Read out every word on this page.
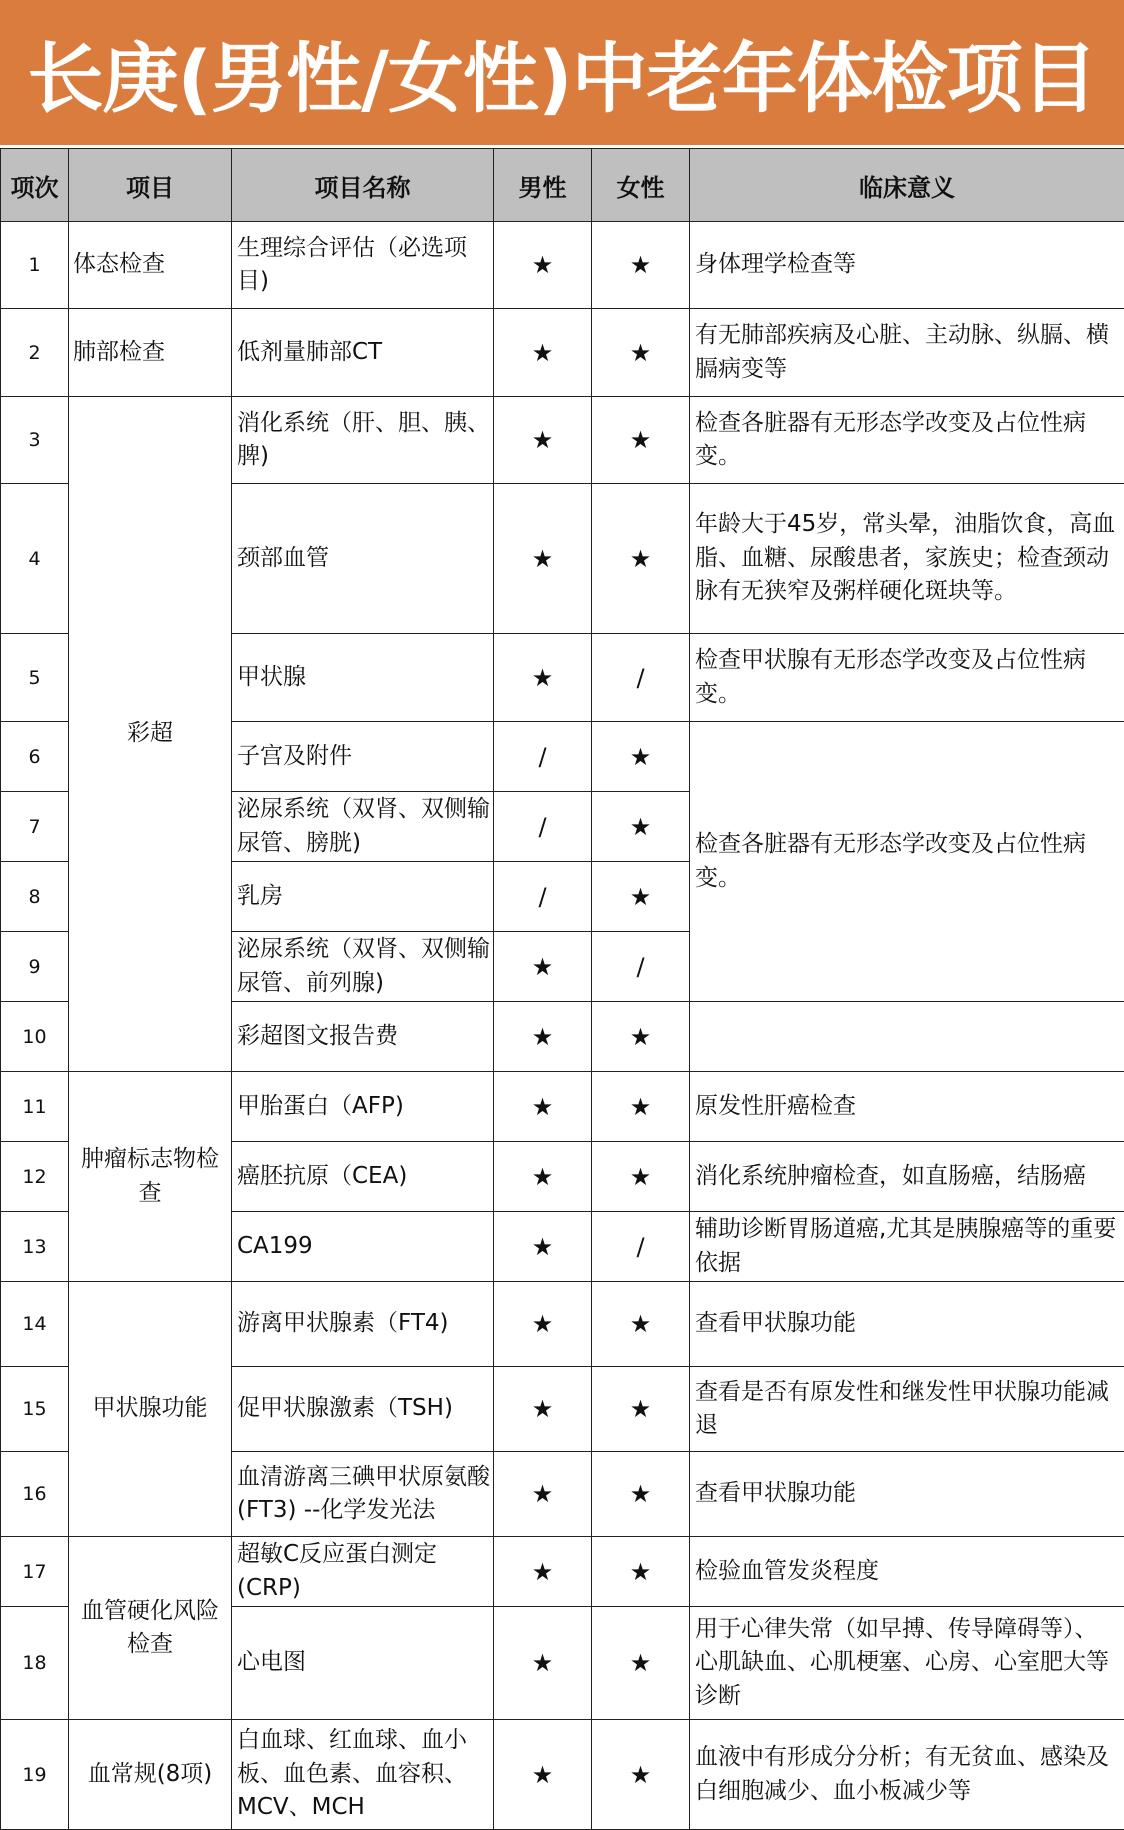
长庚(男性/女性)中老年体检项目
项次	项目	项目名称	男性	女性	临床意义
1	体态检查	生理综合评估（必选项目)	★	★	身体理学检查等
2	肺部检查	低剂量肺部CT	★	★	有无肺部疾病及心脏、主动脉、纵膈、横膈病变等
3	彩超	消化系统（肝、胆、胰、脾)	★	★	检查各脏器有无形态学改变及占位性病变。
4		颈部血管	★	★	年龄大于45岁，常头晕，油脂饮食，高血脂、血糖、尿酸患者，家族史；检查颈动脉有无狭窄及粥样硬化斑块等。
5		甲状腺	★	/	检查甲状腺有无形态学改变及占位性病变。
6		子宫及附件	/	★	检查各脏器有无形态学改变及占位性病变。
7		泌尿系统（双肾、双侧输尿管、膀胱)	/	★	
8		乳房	/	★	
9		泌尿系统（双肾、双侧输尿管、前列腺)	★	/	
10		彩超图文报告费	★	★	
11	肿瘤标志物检查	甲胎蛋白（AFP)	★	★	原发性肝癌检查
12		癌胚抗原（CEA)	★	★	消化系统肿瘤检查，如直肠癌，结肠癌
13		CA199	★	/	辅助诊断胃肠道癌,尤其是胰腺癌等的重要依据
14	甲状腺功能	游离甲状腺素（FT4)	★	★	查看甲状腺功能
15		促甲状腺激素（TSH)	★	★	查看是否有原发性和继发性甲状腺功能减退
16		血清游离三碘甲状原氨酸(FT3) --化学发光法	★	★	查看甲状腺功能
17	血管硬化风险检查	超敏C反应蛋白测定(CRP)	★	★	检验血管发炎程度
18		心电图	★	★	用于心律失常（如早搏、传导障碍等）、心肌缺血、心肌梗塞、心房、心室肥大等诊断
19	血常规(8项)	白血球、红血球、血小板、血色素、血容积、MCV、MCH	★	★	血液中有形成分分析；有无贫血、感染及白细胞减少、血小板减少等
